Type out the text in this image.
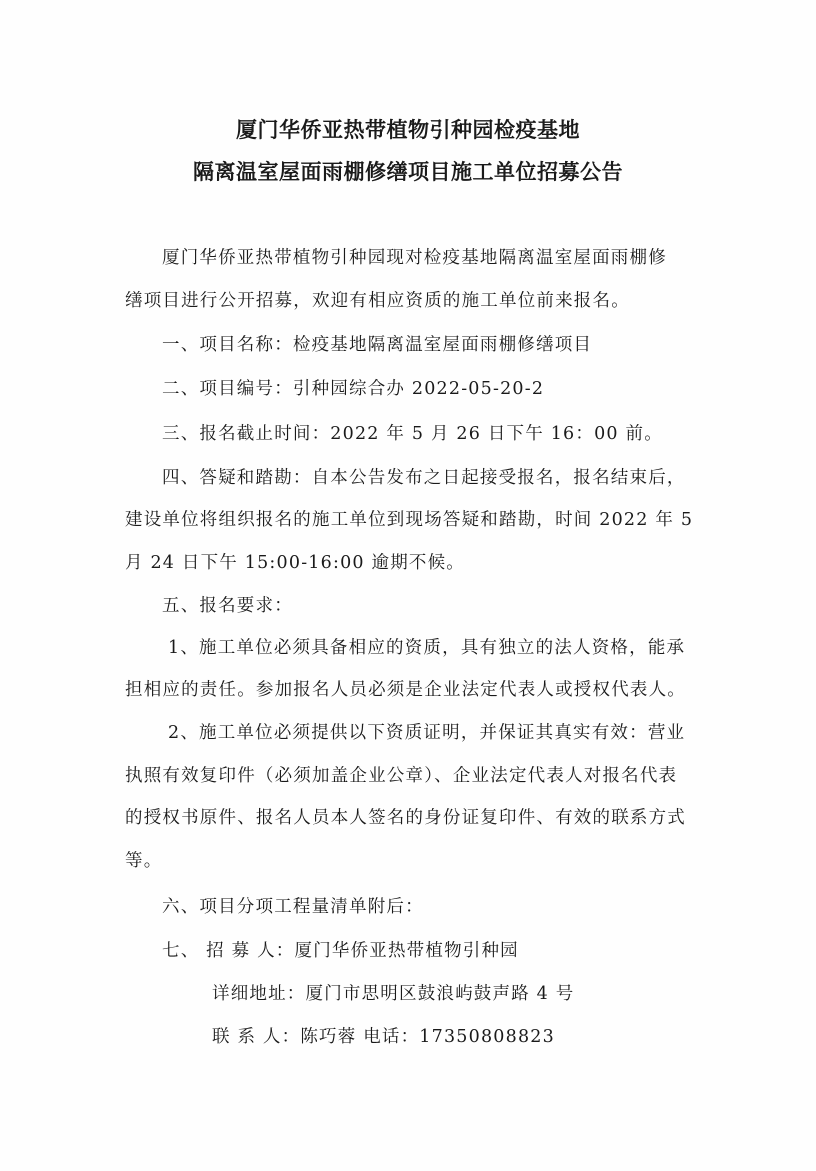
厦门华侨亚热带植物引种园检疫基地
隔离温室屋面雨棚修缮项目施工单位招募公告
厦门华侨亚热带植物引种园现对检疫基地隔离温室屋面雨棚修
缮项目进行公开招募，欢迎有相应资质的施工单位前来报名。
一、项目名称：检疫基地隔离温室屋面雨棚修缮项目
二、项目编号：引种园综合办 2022-05-20-2
三、报名截止时间：2022 年 5 月 26 日下午 16：00 前。
四、答疑和踏勘：自本公告发布之日起接受报名，报名结束后，
建设单位将组织报名的施工单位到现场答疑和踏勘，时间 2022 年 5
月 24 日下午 15:00-16:00 逾期不候。
五、报名要求：
1、施工单位必须具备相应的资质，具有独立的法人资格，能承
担相应的责任。参加报名人员必须是企业法定代表人或授权代表人。
2、施工单位必须提供以下资质证明，并保证其真实有效：营业
执照有效复印件（必须加盖企业公章）、企业法定代表人对报名代表
的授权书原件、报名人员本人签名的身份证复印件、有效的联系方式
等。
六、项目分项工程量清单附后：
七、 招 募 人：厦门华侨亚热带植物引种园
详细地址：厦门市思明区鼓浪屿鼓声路 4 号
联 系 人：陈巧蓉 电话：17350808823
